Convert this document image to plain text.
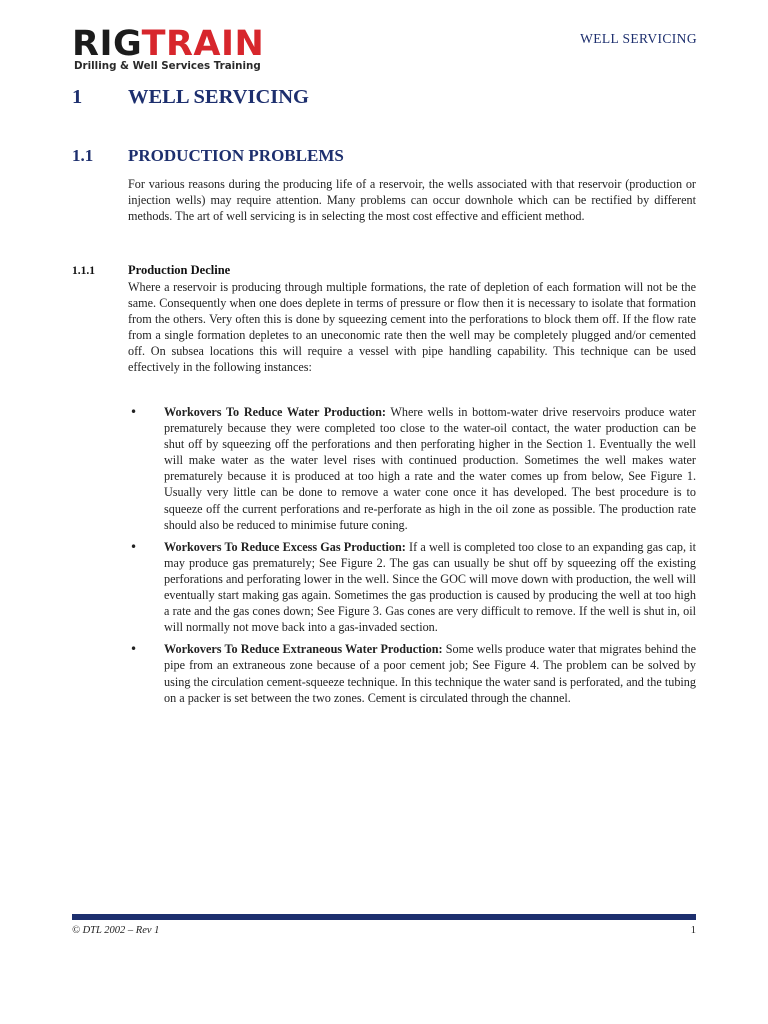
RIGTRAIN

Drilling & Well Services Training

WELL SERVICING

1 WELL SERVICING
1.1 PRODUCTION PROBLEMS

For various reasons during the producing life of a reservoir, the wells associated with that reservoir (production or injection wells) may require attention. Many problems can occur downhole which can be rectified by different methods. The art of well servicing is in selecting the most cost effective and efficient method.

1.1.1	Production Decline

Where a reservoir is producing through multiple formations, the rate of depletion of each formation will not be the same. Consequently when one does deplete in terms of pressure or flow then it is necessary to isolate that formation from the others. Very often this is done by squeezing cement into the perforations to block them off. If the flow rate from a single formation depletes to an uneconomic rate then the well may be completely plugged and/or cemented off. On subsea locations this will require a vessel with pipe handling capability. This technique can be used effectively in the following instances:

• Workovers To Reduce Water Production: Where wells in bottom-water drive reservoirs produce water prematurely because they were completed too close to the water-oil contact, the water production can be shut off by squeezing off the perforations and then perforating higher in the Section 1. Eventually the well will make water as the water level rises with continued production. Sometimes the well makes water prematurely because it is produced at too high a rate and the water comes up from below, See Figure 1. Usually very little can be done to remove a water cone once it has developed. The best procedure is to squeeze off the current perforations and re-perforate as high in the oil zone as possible. The production rate should also be reduced to minimise future coning.
• Workovers To Reduce Excess Gas Production: If a well is completed too close to an expanding gas cap, it may produce gas prematurely; See Figure 2. The gas can usually be shut off by squeezing off the existing perforations and perforating lower in the well. Since the GOC will move down with production, the well will eventually start making gas again. Sometimes the gas production is caused by producing the well at too high a rate and the gas cones down; See Figure 3. Gas cones are very difficult to remove. If the well is shut in, oil will normally not move back into a gas-invaded section.
• Workovers To Reduce Extraneous Water Production: Some wells produce water that migrates behind the pipe from an extraneous zone because of a poor cement job; See Figure 4. The problem can be solved by using the circulation cement-squeeze technique. In this technique the water sand is perforated, and the tubing on a packer is set between the two zones. Cement is circulated through the channel.

© DTL 2002 – Rev 1	1
